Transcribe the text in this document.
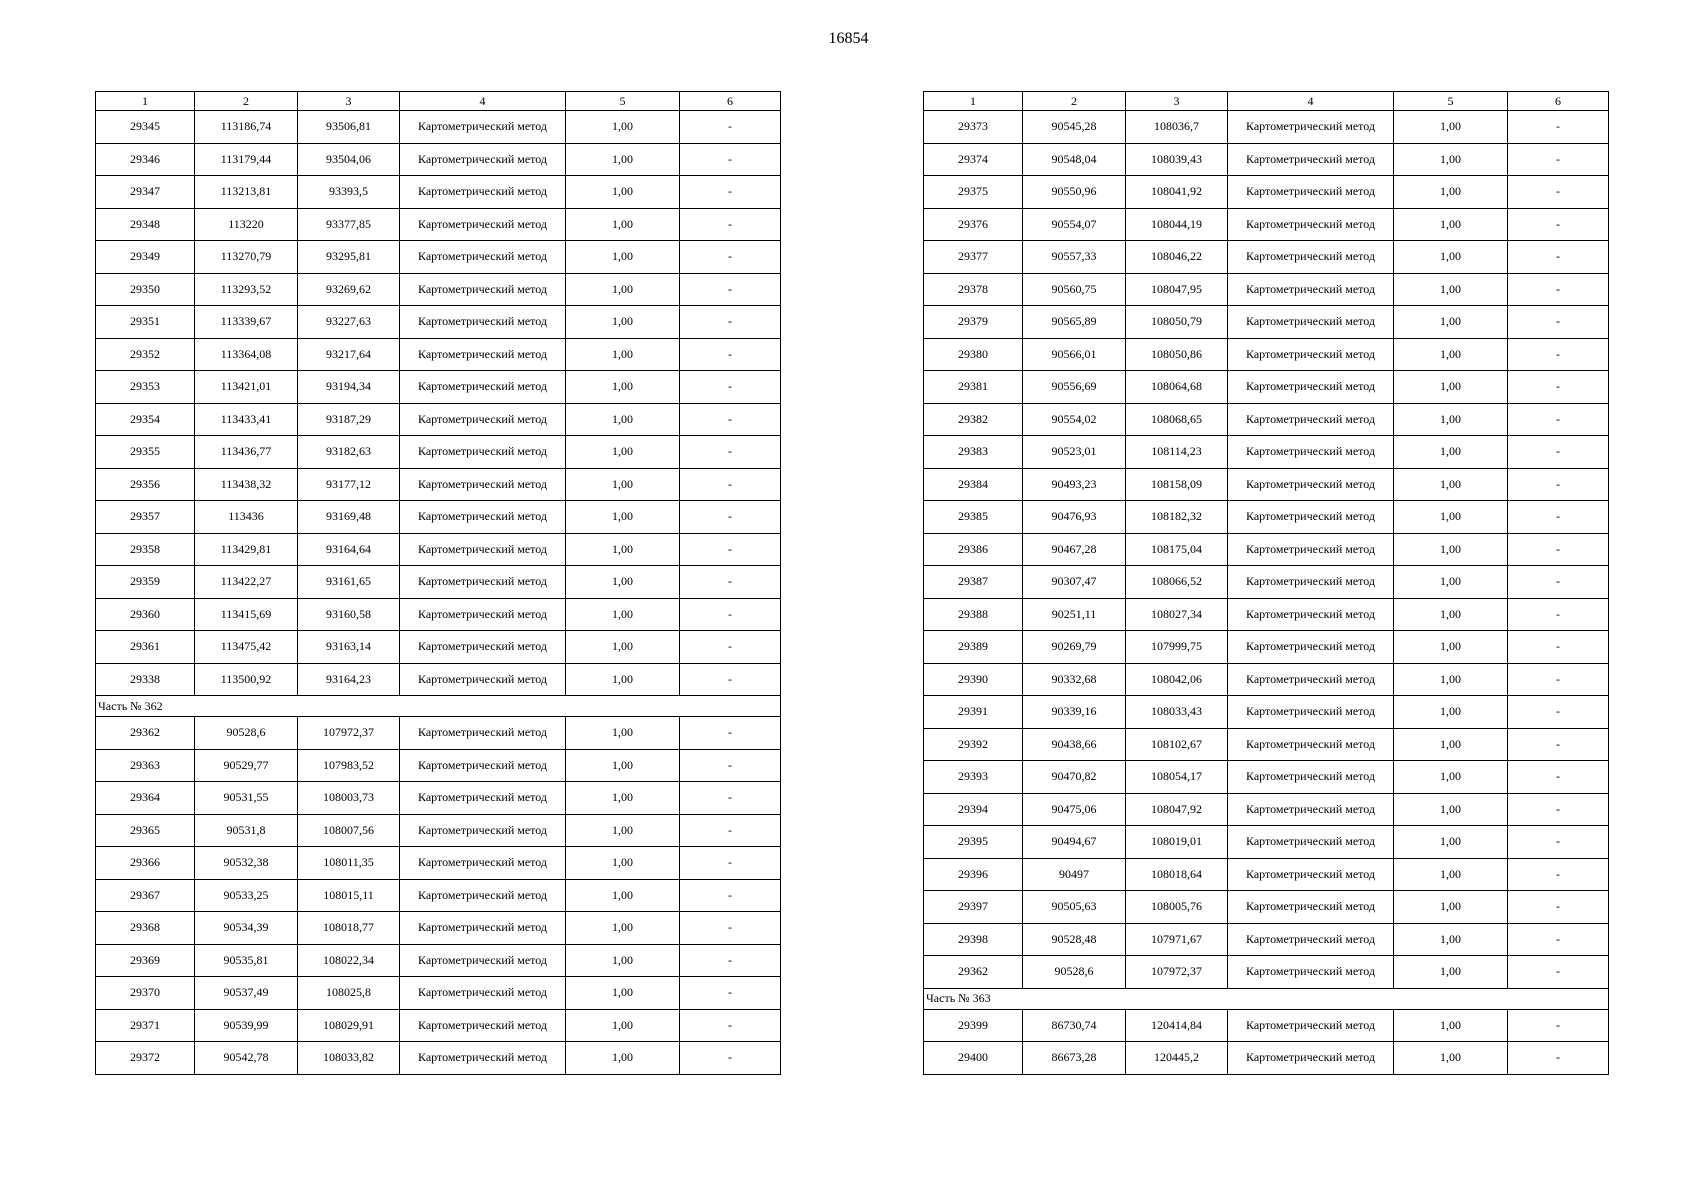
16854
1	2	3	4	5	6
29345	113186,74	93506,81	Картометрический метод	1,00	-
29346	113179,44	93504,06	Картометрический метод	1,00	-
29347	113213,81	93393,5	Картометрический метод	1,00	-
29348	113220	93377,85	Картометрический метод	1,00	-
29349	113270,79	93295,81	Картометрический метод	1,00	-
29350	113293,52	93269,62	Картометрический метод	1,00	-
29351	113339,67	93227,63	Картометрический метод	1,00	-
29352	113364,08	93217,64	Картометрический метод	1,00	-
29353	113421,01	93194,34	Картометрический метод	1,00	-
29354	113433,41	93187,29	Картометрический метод	1,00	-
29355	113436,77	93182,63	Картометрический метод	1,00	-
29356	113438,32	93177,12	Картометрический метод	1,00	-
29357	113436	93169,48	Картометрический метод	1,00	-
29358	113429,81	93164,64	Картометрический метод	1,00	-
29359	113422,27	93161,65	Картометрический метод	1,00	-
29360	113415,69	93160,58	Картометрический метод	1,00	-
29361	113475,42	93163,14	Картометрический метод	1,00	-
29338	113500,92	93164,23	Картометрический метод	1,00	-
Часть № 362					
29362	90528,6	107972,37	Картометрический метод	1,00	-
29363	90529,77	107983,52	Картометрический метод	1,00	-
29364	90531,55	108003,73	Картометрический метод	1,00	-
29365	90531,8	108007,56	Картометрический метод	1,00	-
29366	90532,38	108011,35	Картометрический метод	1,00	-
29367	90533,25	108015,11	Картометрический метод	1,00	-
29368	90534,39	108018,77	Картометрический метод	1,00	-
29369	90535,81	108022,34	Картометрический метод	1,00	-
29370	90537,49	108025,8	Картометрический метод	1,00	-
29371	90539,99	108029,91	Картометрический метод	1,00	-
29372	90542,78	108033,82	Картометрический метод	1,00	-
1	2	3	4	5	6
29373	90545,28	108036,7	Картометрический метод	1,00	-
29374	90548,04	108039,43	Картометрический метод	1,00	-
29375	90550,96	108041,92	Картометрический метод	1,00	-
29376	90554,07	108044,19	Картометрический метод	1,00	-
29377	90557,33	108046,22	Картометрический метод	1,00	-
29378	90560,75	108047,95	Картометрический метод	1,00	-
29379	90565,89	108050,79	Картометрический метод	1,00	-
29380	90566,01	108050,86	Картометрический метод	1,00	-
29381	90556,69	108064,68	Картометрический метод	1,00	-
29382	90554,02	108068,65	Картометрический метод	1,00	-
29383	90523,01	108114,23	Картометрический метод	1,00	-
29384	90493,23	108158,09	Картометрический метод	1,00	-
29385	90476,93	108182,32	Картометрический метод	1,00	-
29386	90467,28	108175,04	Картометрический метод	1,00	-
29387	90307,47	108066,52	Картометрический метод	1,00	-
29388	90251,11	108027,34	Картометрический метод	1,00	-
29389	90269,79	107999,75	Картометрический метод	1,00	-
29390	90332,68	108042,06	Картометрический метод	1,00	-
29391	90339,16	108033,43	Картометрический метод	1,00	-
29392	90438,66	108102,67	Картометрический метод	1,00	-
29393	90470,82	108054,17	Картометрический метод	1,00	-
29394	90475,06	108047,92	Картометрический метод	1,00	-
29395	90494,67	108019,01	Картометрический метод	1,00	-
29396	90497	108018,64	Картометрический метод	1,00	-
29397	90505,63	108005,76	Картометрический метод	1,00	-
29398	90528,48	107971,67	Картометрический метод	1,00	-
29362	90528,6	107972,37	Картометрический метод	1,00	-
Часть № 363					
29399	86730,74	120414,84	Картометрический метод	1,00	-
29400	86673,28	120445,2	Картометрический метод	1,00	-
